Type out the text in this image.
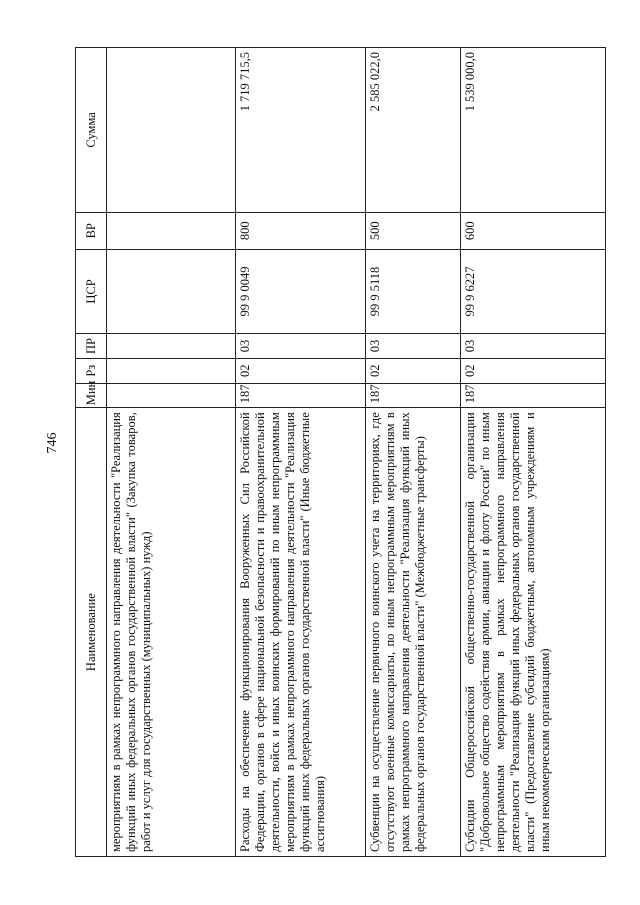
746
Наименование	Мин	Рз	ПР	ЦСР	ВР	Сумма
мероприятиям в рамках непрограммного направления деятельности "Реализация функций иных федеральных органов государственной власти" (Закупка товаров, работ и услуг для государственных (муниципальных) нужд)						
Расходы на обеспечение функционирования Вооруженных Сил Российской Федерации, органов в сфере национальной безопасности и правоохранительной деятельности, войск и иных воинских формирований по иным непрограммным мероприятиям в рамках непрограммного направления деятельности "Реализация функций иных федеральных органов государственной власти" (Иные бюджетные ассигнования)	187	02	03	99 9 0049	800	1 719 715,5
Субвенции на осуществление первичного воинского учета на территориях, где отсутствуют военные комиссариаты, по иным непрограммным мероприятиям в рамках непрограммного направления деятельности "Реализация функций иных федеральных органов государственной власти" (Межбюджетные трансферты)	187	02	03	99 9 5118	500	2 585 022,0
Субсидии Общероссийской общественно-государственной организации "Добровольное общество содействия армии, авиации и флоту России" по иным непрограммным мероприятиям в рамках непрограммного направления деятельности "Реализация функций иных федеральных органов государственной власти" (Предоставление субсидий бюджетным, автономным учреждениям и иным некоммерческим организациям)	187	02	03	99 9 6227	600	1 539 000,0
